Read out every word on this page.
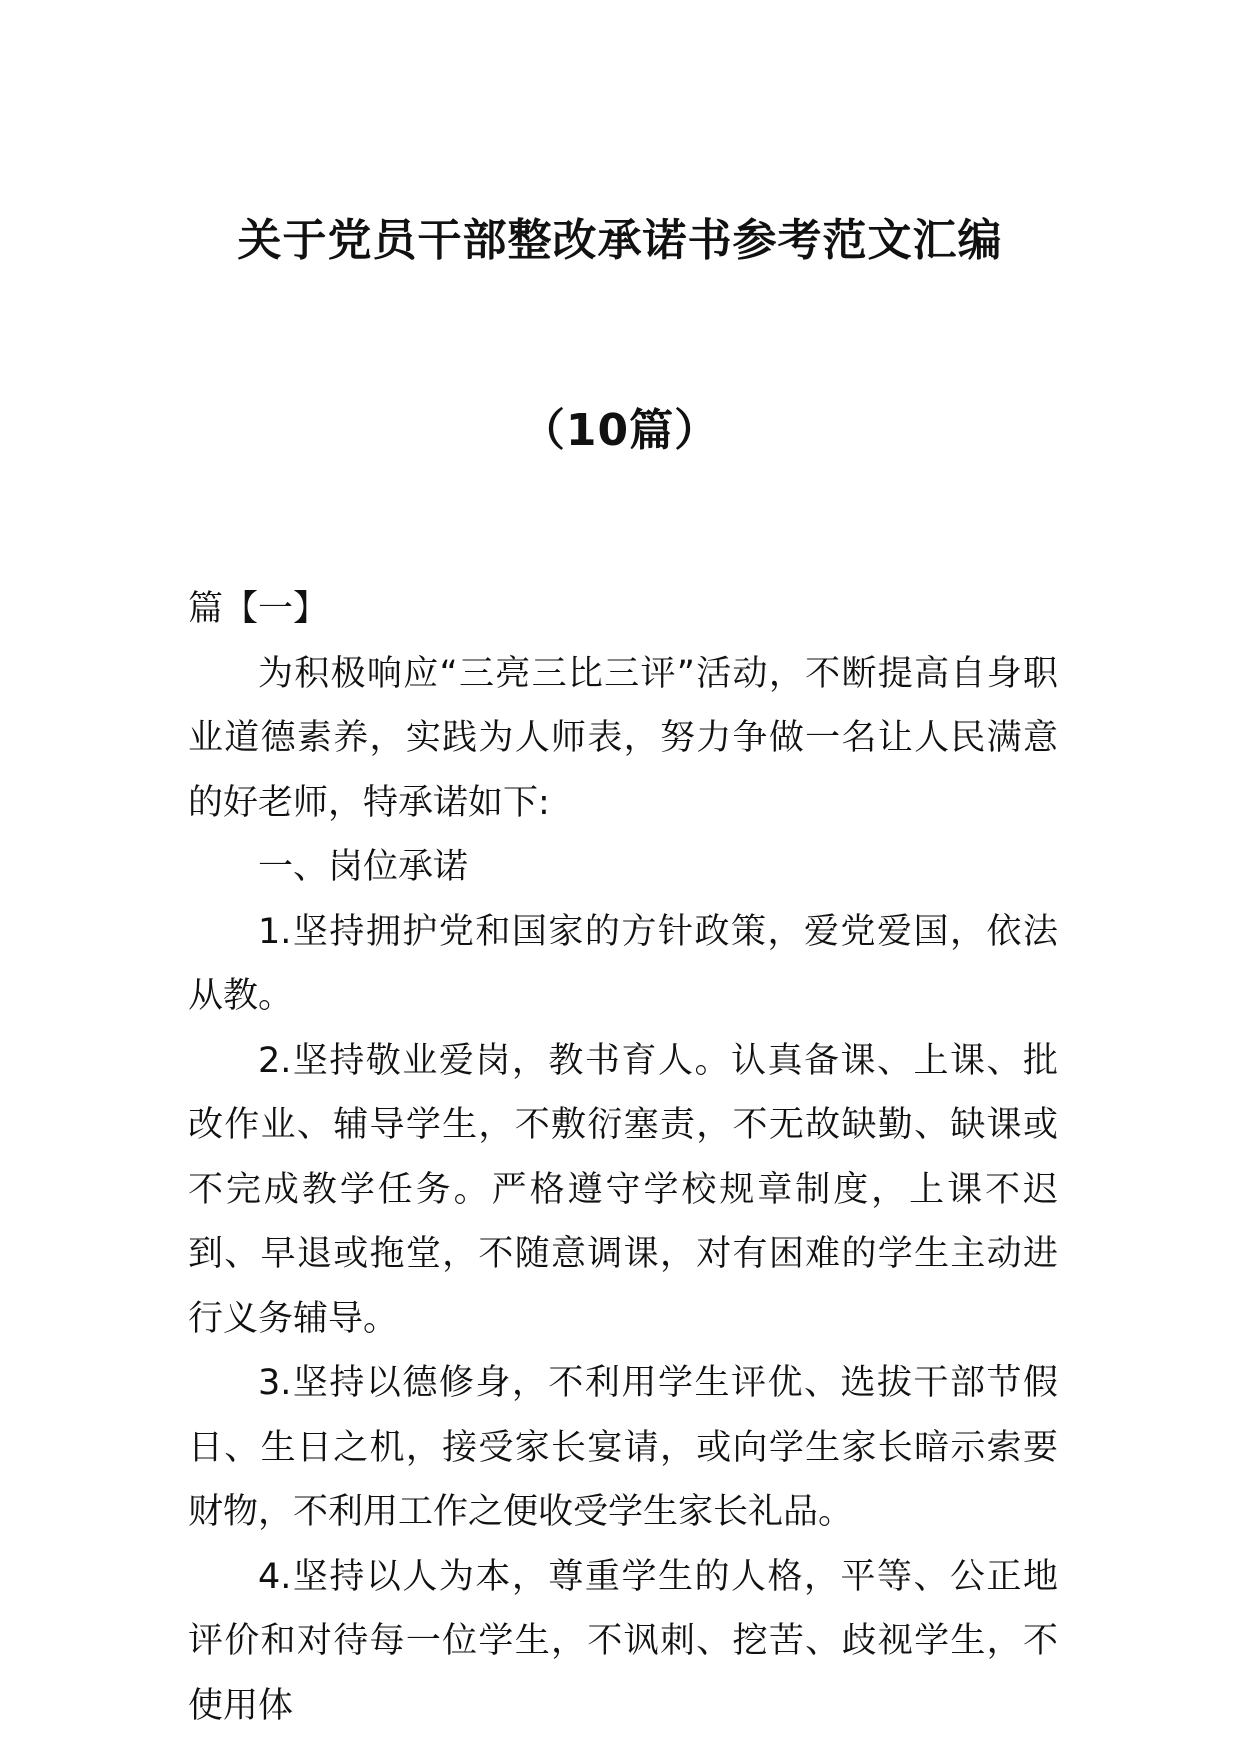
关于党员干部整改承诺书参考范文汇编
（10篇）

篇【一】

为积极响应“三亮三比三评”活动，不断提高自身职业道德素养，实践为人师表，努力争做一名让人民满意的好老师，特承诺如下:

一、岗位承诺

1.坚持拥护党和国家的方针政策，爱党爱国，依法从教。

2.坚持敬业爱岗，教书育人。认真备课、上课、批改作业、辅导学生，不敷衍塞责，不无故缺勤、缺课或不完成教学任务。严格遵守学校规章制度，上课不迟到、早退或拖堂，不随意调课，对有困难的学生主动进行义务辅导。

3.坚持以德修身，不利用学生评优、选拔干部节假日、生日之机，接受家长宴请，或向学生家长暗示索要财物，不利用工作之便收受学生家长礼品。

4.坚持以人为本，尊重学生的人格，平等、公正地评价和对待每一位学生，不讽刺、挖苦、歧视学生，不使用体
